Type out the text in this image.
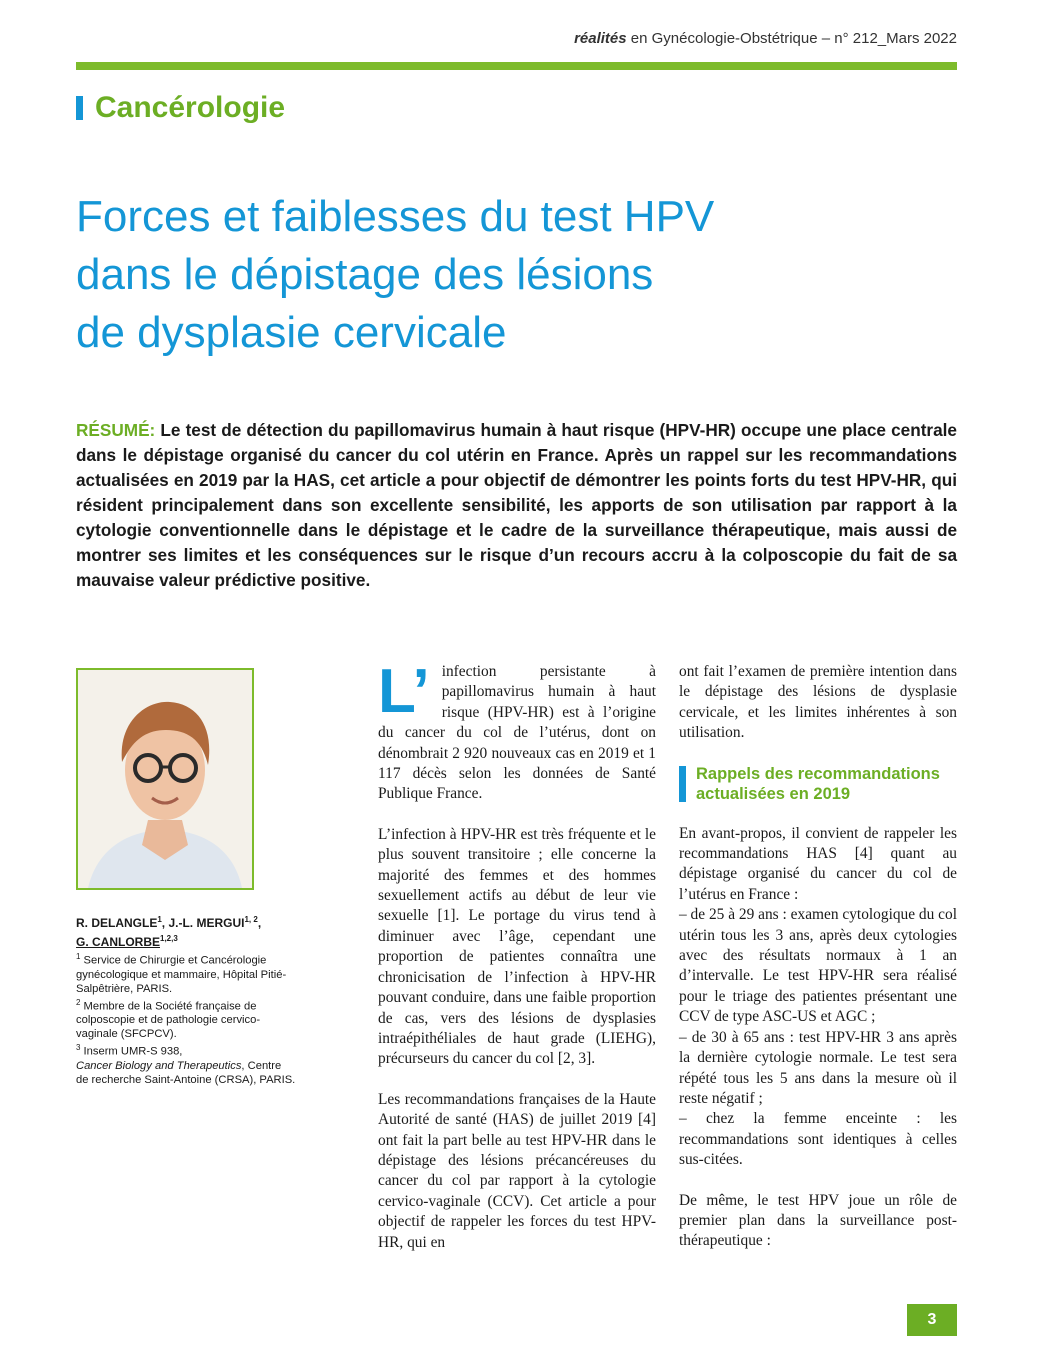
réalités en Gynécologie-Obstétrique – n° 212_Mars 2022
Cancérologie
Forces et faiblesses du test HPV
dans le dépistage des lésions
de dysplasie cervicale

RÉSUMÉ: Le test de détection du papillomavirus humain à haut risque (HPV-HR) occupe une place centrale dans le dépistage organisé du cancer du col utérin en France. Après un rappel sur les recommandations actualisées en 2019 par la HAS, cet article a pour objectif de démontrer les points forts du test HPV-HR, qui résident principalement dans son excellente sensibilité, les apports de son utilisation par rapport à la cytologie conventionnelle dans le dépistage et le cadre de la surveillance thérapeutique, mais aussi de montrer ses limites et les conséquences sur le risque d’un recours accru à la colposcopie du fait de sa mauvaise valeur prédictive positive.

R. DELANGLE$^1$, J.-L. MERGUI$^{1, 2}$,
G. CANLORBE$^{1,2,3}$

$^1$ Service de Chirurgie et Cancérologie gynécologique et mammaire, Hôpital Pitié-Salpêtrière, PARIS.

$^2$ Membre de la Société française de colposcopie et de pathologie cervico-vaginale (SFCPCV).

$^3$ Inserm UMR-S 938,
Cancer Biology and Therapeutics, Centre de recherche Saint-Antoine (CRSA), PARIS.

L’ infection persistante à papillomavirus humain à haut risque (HPV-HR) est à l’origine du cancer du col de l’utérus, dont on dénombrait 2 920 nouveaux cas en 2019 et 1 117 décès selon les données de Santé Publique France.

L’infection à HPV-HR est très fréquente et le plus souvent transitoire ; elle concerne la majorité des femmes et des hommes sexuellement actifs au début de leur vie sexuelle [1]. Le portage du virus tend à diminuer avec l’âge, cependant une proportion de patientes connaîtra une chronicisation de l’infection à HPV-HR pouvant conduire, dans une faible proportion de cas, vers des lésions de dysplasies intraépithéliales de haut grade (LIEHG), précurseurs du cancer du col [2, 3].

Les recommandations françaises de la Haute Autorité de santé (HAS) de juillet 2019 [4] ont fait la part belle au test HPV-HR dans le dépistage des lésions précancéreuses du cancer du col par rapport à la cytologie cervico-vaginale (CCV). Cet article a pour objectif de rappeler les forces du test HPV-HR, qui en

ont fait l’examen de première intention dans le dépistage des lésions de dysplasie cervicale, et les limites inhérentes à son utilisation.

Rappels des recommandations actualisées en 2019

En avant-propos, il convient de rappeler les recommandations HAS [4] quant au dépistage organisé du cancer du col de l’utérus en France :
– de 25 à 29 ans : examen cytologique du col utérin tous les 3 ans, après deux cytologies avec des résultats normaux à 1 an d’intervalle. Le test HPV-HR sera réalisé pour le triage des patientes présentant une CCV de type ASC-US et AGC ;
– de 30 à 65 ans : test HPV-HR 3 ans après la dernière cytologie normale. Le test sera répété tous les 5 ans dans la mesure où il reste négatif ;
– chez la femme enceinte : les recommandations sont identiques à celles sus-citées.

De même, le test HPV joue un rôle de premier plan dans la surveillance post-thérapeutique :

3
